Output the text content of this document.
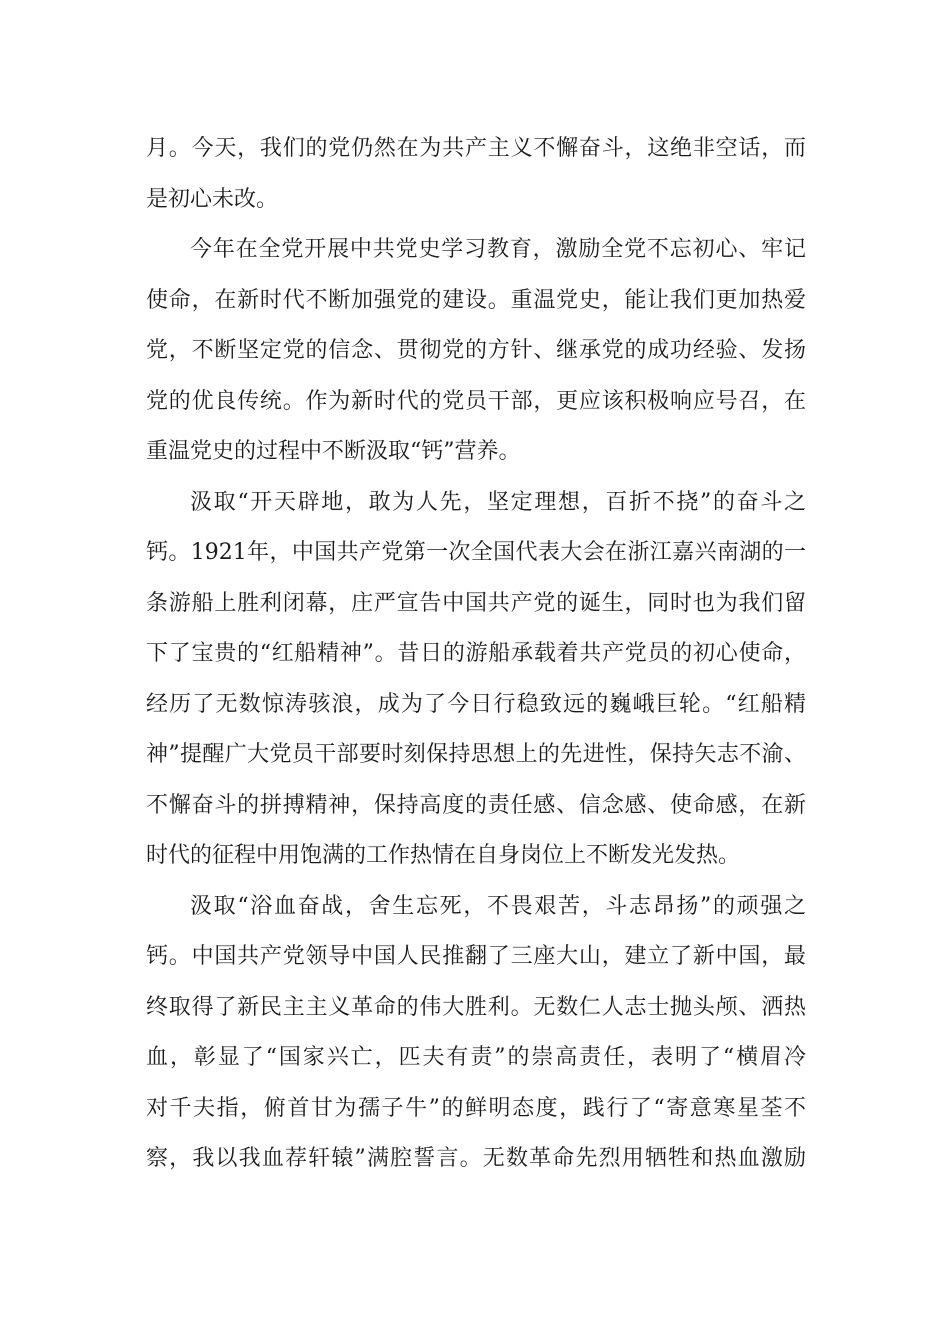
月。今天，我们的党仍然在为共产主义不懈奋斗，这绝非空话，而
是初心未改。
今年在全党开展中共党史学习教育，激励全党不忘初心、牢记
使命，在新时代不断加强党的建设。重温党史，能让我们更加热爱
党，不断坚定党的信念、贯彻党的方针、继承党的成功经验、发扬
党的优良传统。作为新时代的党员干部，更应该积极响应号召，在
重温党史的过程中不断汲取“钙”营养。
汲取“开天辟地，敢为人先，坚定理想，百折不挠”的奋斗之
钙。1921年，中国共产党第一次全国代表大会在浙江嘉兴南湖的一
条游船上胜利闭幕，庄严宣告中国共产党的诞生，同时也为我们留
下了宝贵的“红船精神”。昔日的游船承载着共产党员的初心使命，
经历了无数惊涛骇浪，成为了今日行稳致远的巍峨巨轮。“红船精
神”提醒广大党员干部要时刻保持思想上的先进性，保持矢志不渝、
不懈奋斗的拼搏精神，保持高度的责任感、信念感、使命感，在新
时代的征程中用饱满的工作热情在自身岗位上不断发光发热。
汲取“浴血奋战，舍生忘死，不畏艰苦，斗志昂扬”的顽强之
钙。中国共产党领导中国人民推翻了三座大山，建立了新中国，最
终取得了新民主主义革命的伟大胜利。无数仁人志士抛头颅、洒热
血，彰显了“国家兴亡，匹夫有责”的崇高责任，表明了“横眉冷
对千夫指，俯首甘为孺子牛”的鲜明态度，践行了“寄意寒星荃不
察，我以我血荐轩辕”满腔誓言。无数革命先烈用牺牲和热血激励
